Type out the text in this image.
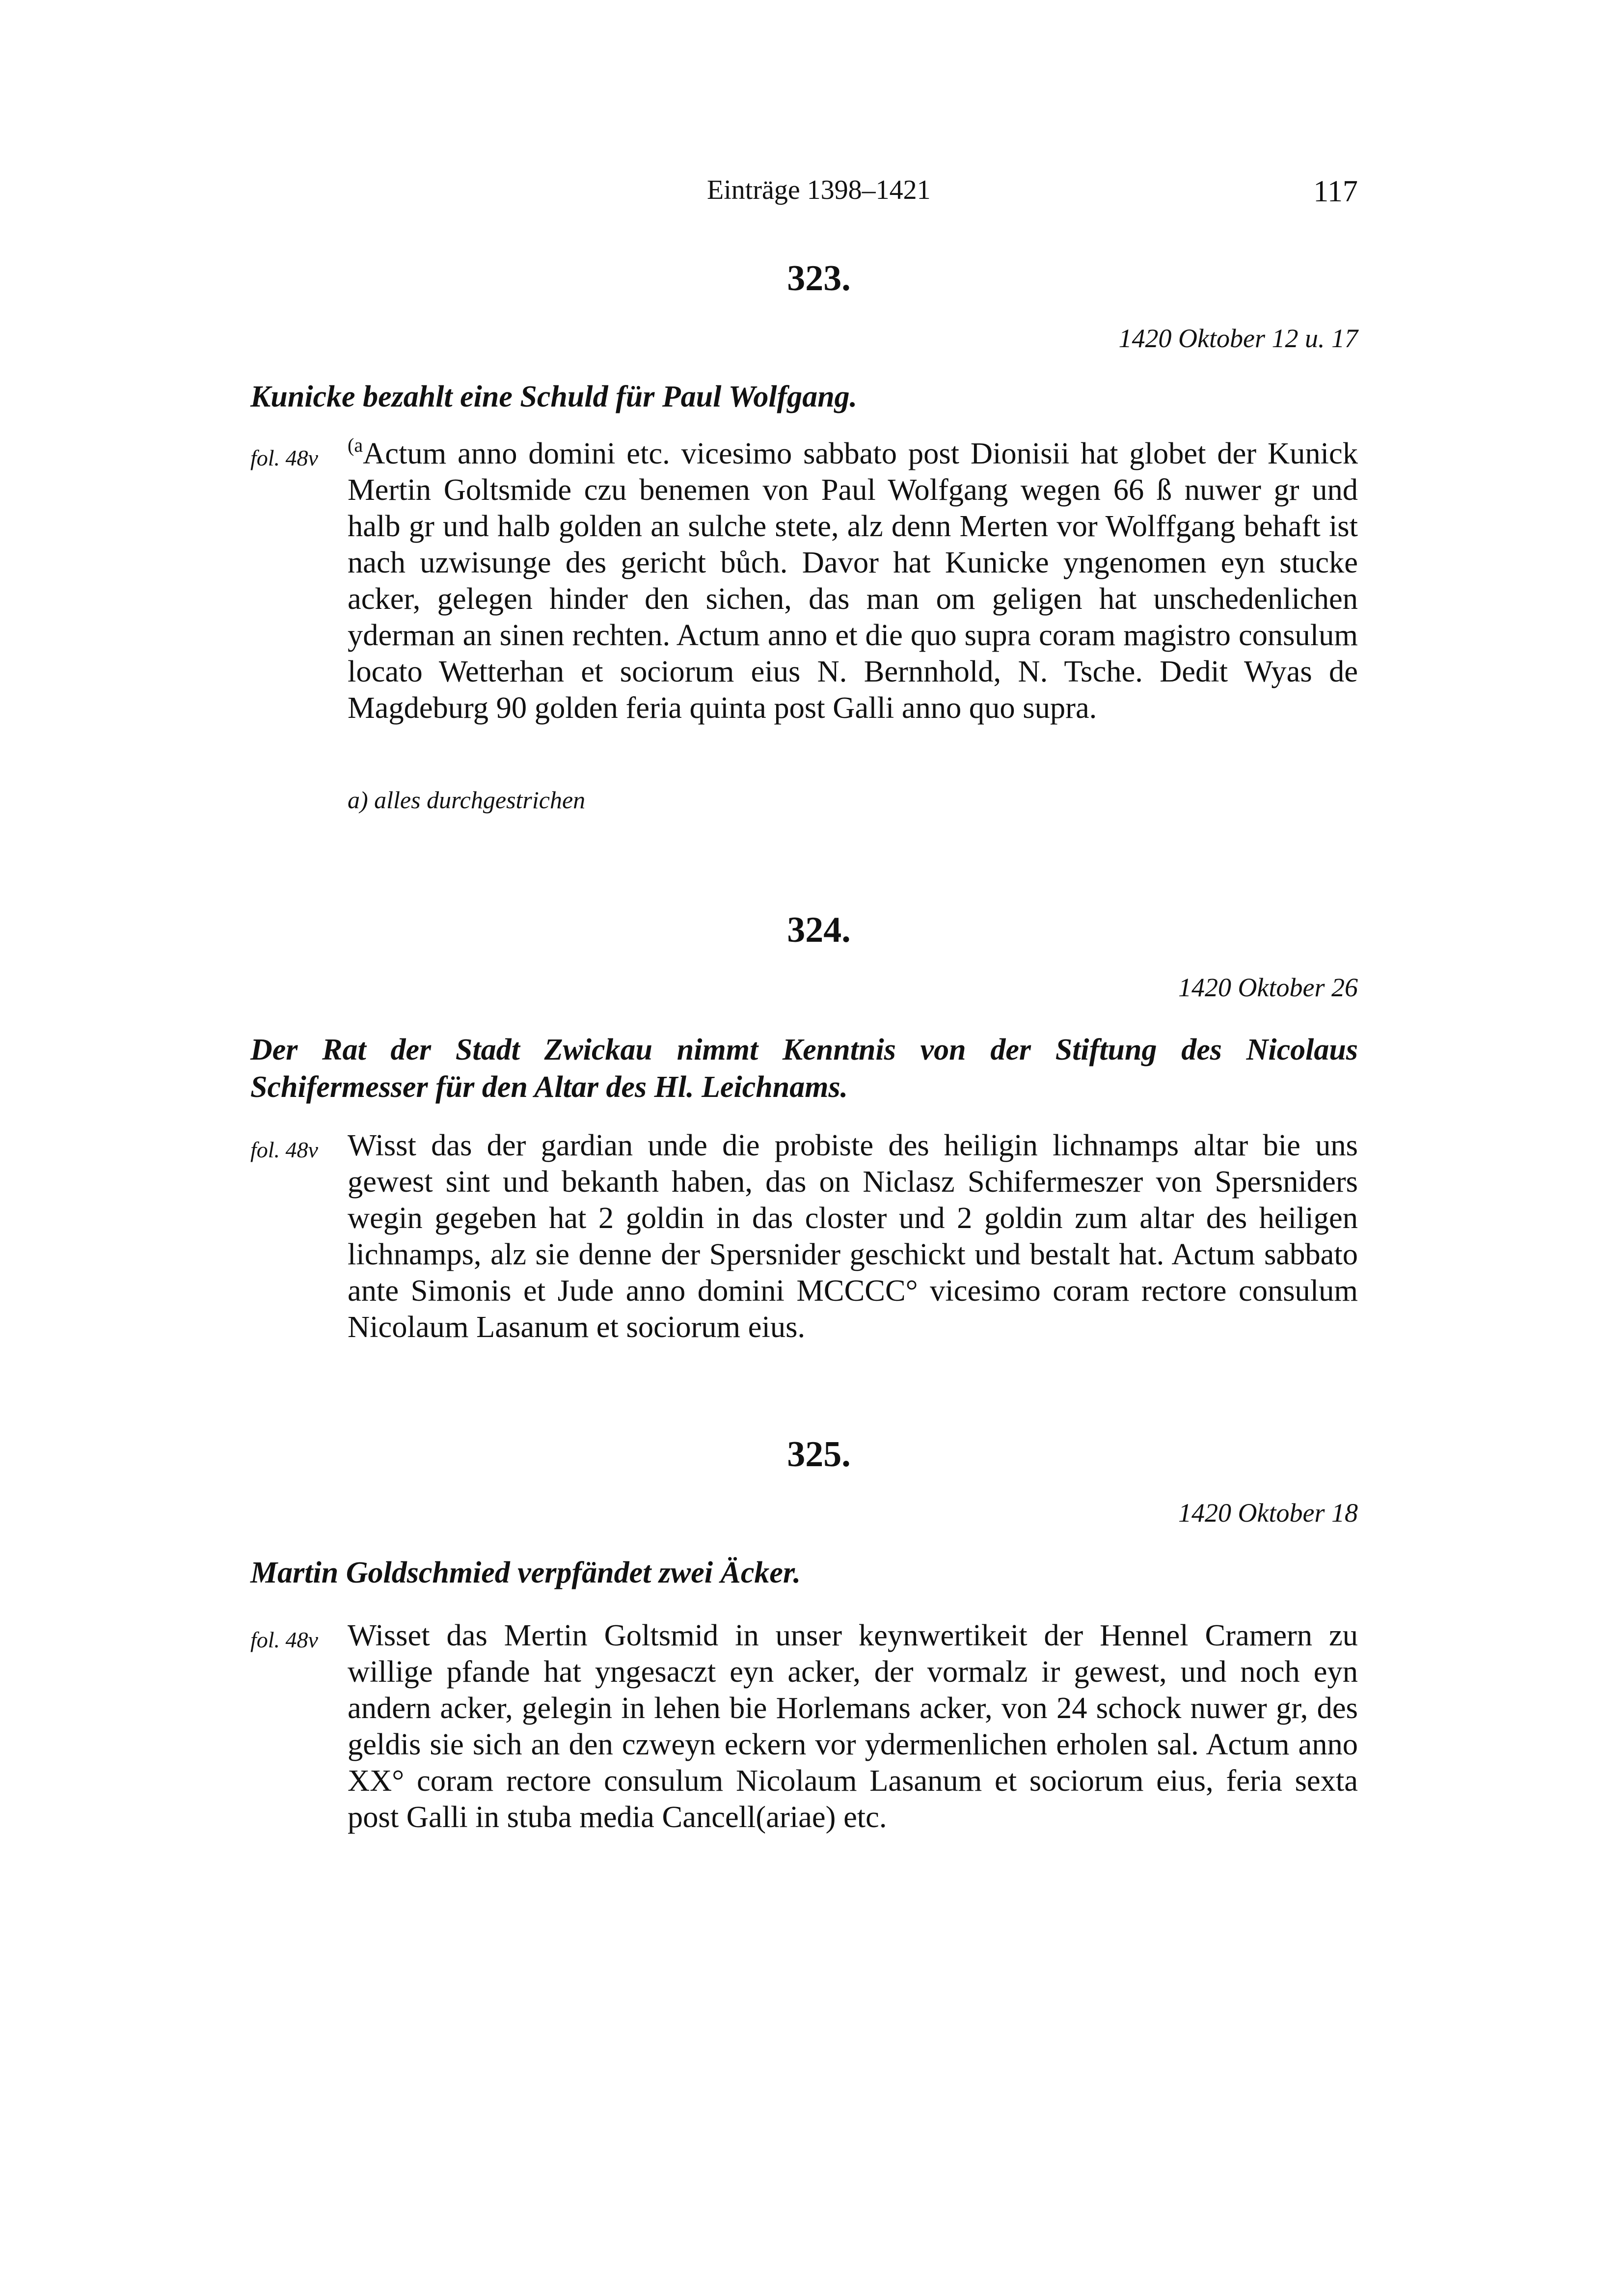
Einträge 1398–1421	117
323.
1420 Oktober 12 u. 17
Kunicke bezahlt eine Schuld für Paul Wolfgang.
fol. 48v

$^{(a}$Actum anno domini etc. vicesimo sabbato post Dionisii hat globet der Kunick Mertin Goltsmide czu benemen von Paul Wolfgang wegen 66 ß nuwer gr und halb gr und halb golden an sulche stete, alz denn Merten vor Wolffgang behaft ist nach uzwisunge des gericht bůch. Davor hat Kunicke yngenomen eyn stucke acker, gelegen hinder den sichen, das man om geligen hat unschedenlichen yderman an sinen rechten. Actum anno et die quo supra coram magistro consulum locato Wetterhan et sociorum eius N. Bernnhold, N. Tsche. Dedit Wyas de Magdeburg 90 golden feria quinta post Galli anno quo supra.

a) alles durchgestrichen
324.
1420 Oktober 26
Der Rat der Stadt Zwickau nimmt Kenntnis von der Stiftung des Nicolaus Schifermesser für den Altar des Hl. Leichnams.
fol. 48v Wisst das der gardian unde die probiste des heiligin lichnamps altar bie uns gewest sint und bekanth haben, das on Niclasz Schifermeszer von Spersniders wegin gegeben hat 2 goldin in das closter und 2 goldin zum altar des heiligen lichnamps, alz sie denne der Spersnider geschickt und bestalt hat. Actum sabbato ante Simonis et Jude anno domini MCCCC° vicesimo coram rectore consulum Nicolaum Lasanum et sociorum eius.

325.
1420 Oktober 18
Martin Goldschmied verpfändet zwei Äcker.
fol. 48v Wisset das Mertin Goltsmid in unser keynwertikeit der Hennel Cramern zu willige pfande hat yngesaczt eyn acker, der vormalz ir gewest, und noch eyn andern acker, gelegin in lehen bie Horlemans acker, von 24 schock nuwer gr, des geldis sie sich an den czweyn eckern vor ydermenlichen erholen sal. Actum anno XX° coram rectore consulum Nicolaum Lasanum et sociorum eius, feria sexta post Galli in stuba media Cancell(ariae) etc.
